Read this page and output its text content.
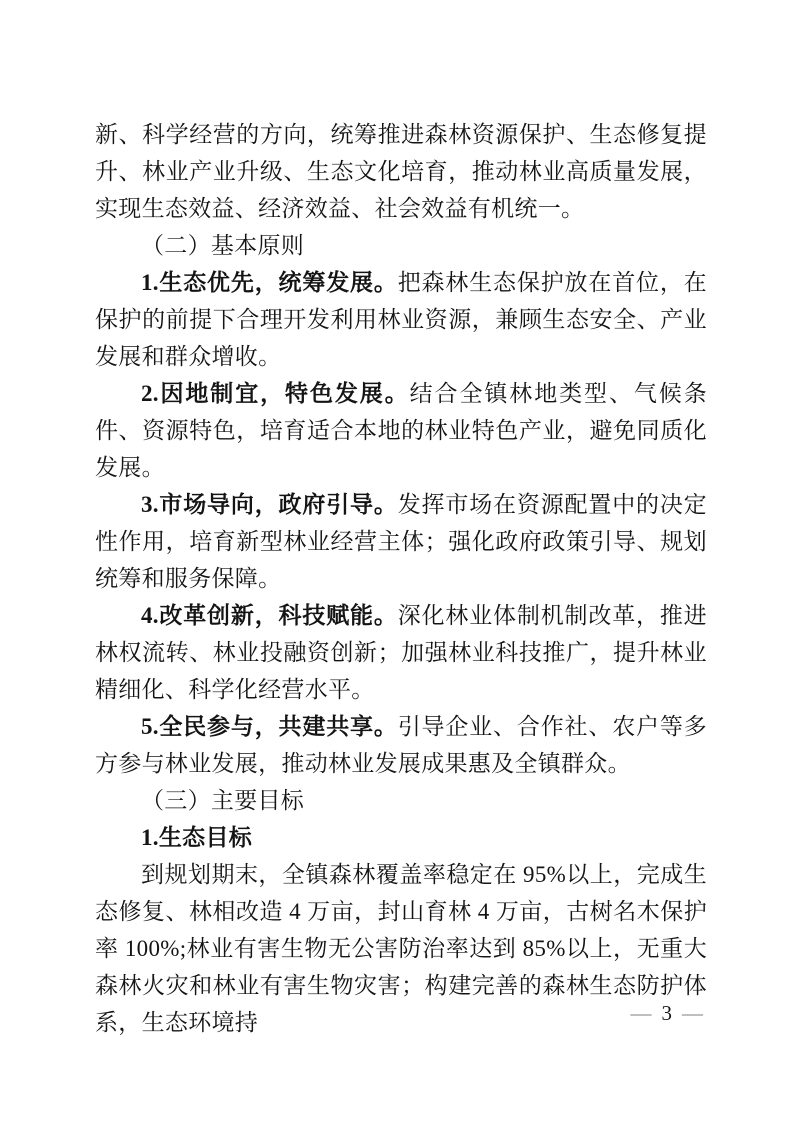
新、科学经营的方向，统筹推进森林资源保护、生态修复提升、林业产业升级、生态文化培育，推动林业高质量发展，实现生态效益、经济效益、社会效益有机统一。

（二）基本原则

1.生态优先，统筹发展。把森林生态保护放在首位，在保护的前提下合理开发利用林业资源，兼顾生态安全、产业发展和群众增收。

2.因地制宜，特色发展。结合全镇林地类型、气候条件、资源特色，培育适合本地的林业特色产业，避免同质化发展。

3.市场导向，政府引导。发挥市场在资源配置中的决定性作用，培育新型林业经营主体；强化政府政策引导、规划统筹和服务保障。

4.改革创新，科技赋能。深化林业体制机制改革，推进林权流转、林业投融资创新；加强林业科技推广，提升林业精细化、科学化经营水平。

5.全民参与，共建共享。引导企业、合作社、农户等多方参与林业发展，推动林业发展成果惠及全镇群众。

（三）主要目标

1.生态目标

到规划期末，全镇森林覆盖率稳定在 95%以上，完成生态修复、林相改造 4 万亩，封山育林 4 万亩，古树名木保护率 100%;林业有害生物无公害防治率达到 85%以上，无重大森林火灾和林业有害生物灾害；构建完善的森林生态防护体系，生态环境持	— 3 —
